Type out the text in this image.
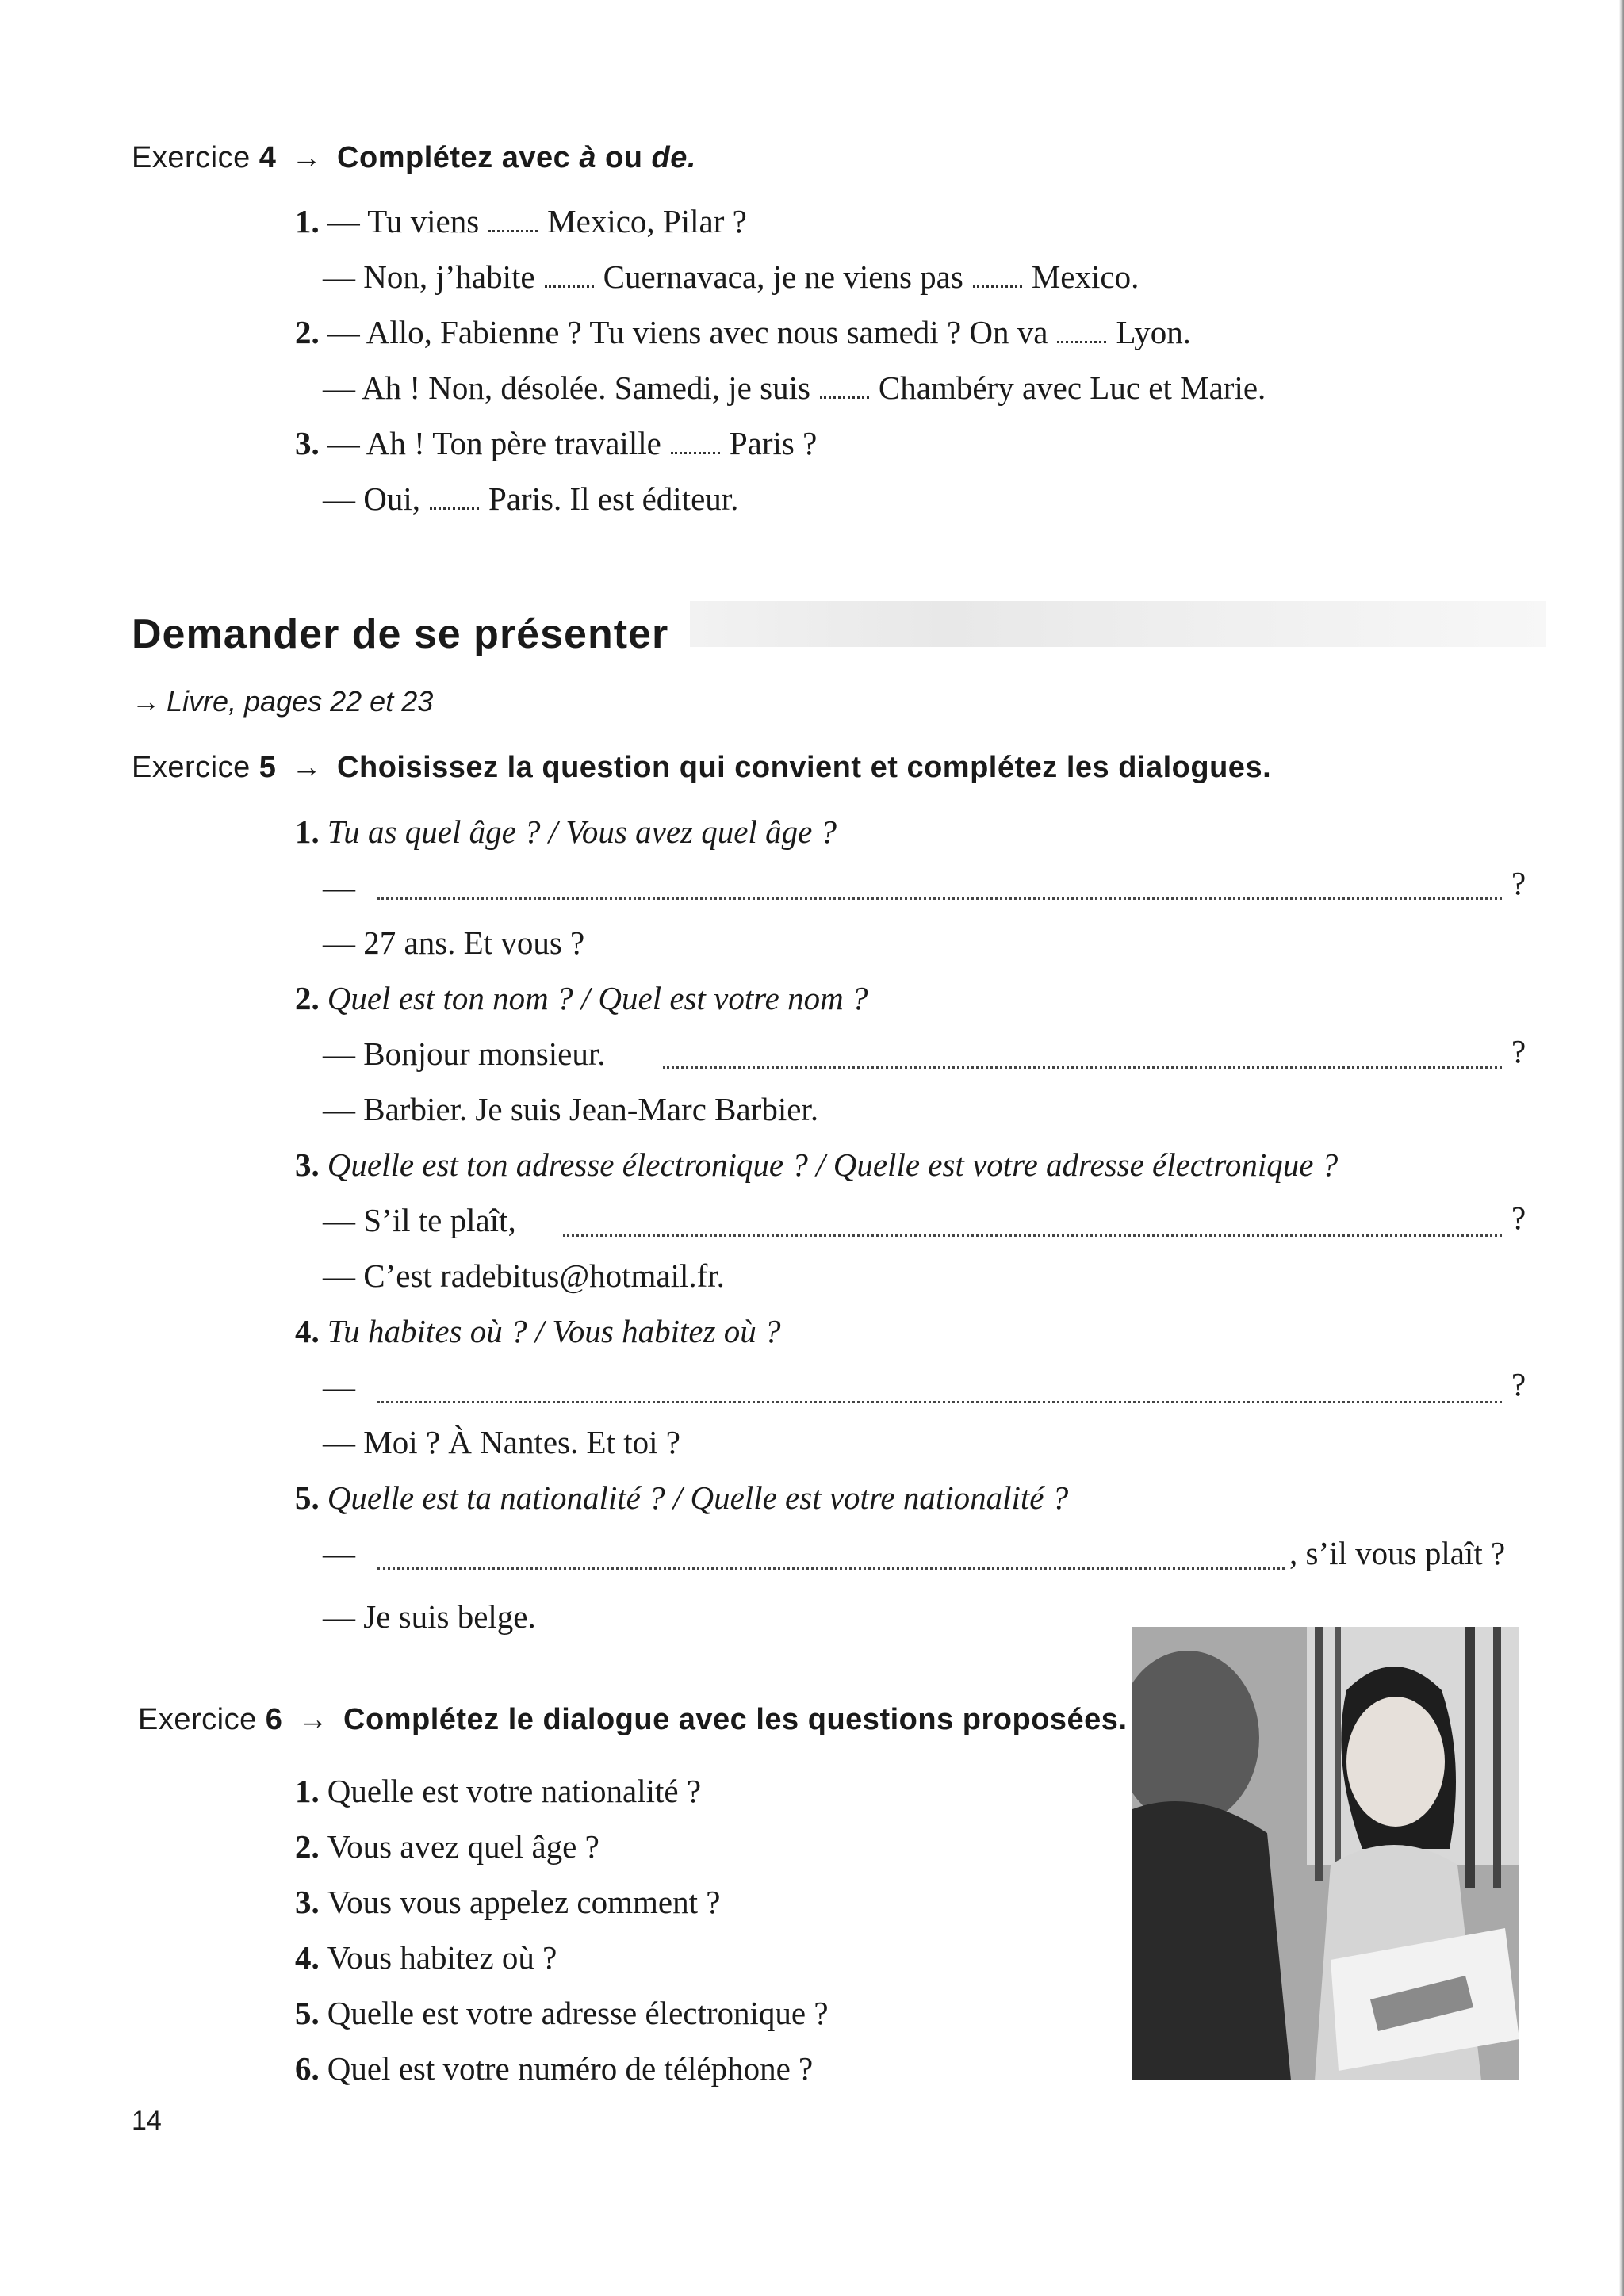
Exercice 4 → Complétez avec à ou de.
1. — Tu viens Mexico, Pilar ?
— Non, j’habite Cuernavaca, je ne viens pas Mexico.
2. — Allo, Fabienne ? Tu viens avec nous samedi ? On va Lyon.
— Ah ! Non, désolée. Samedi, je suis Chambéry avec Luc et Marie.
3. — Ah ! Ton père travaille Paris ?
— Oui, Paris. Il est éditeur.
Demander de se présenter
→ Livre, pages 22 et 23
Exercice 5 → Choisissez la question qui convient et complétez les dialogues.
1. Tu as quel âge ? / Vous avez quel âge ?
—	?
— 27 ans. Et vous ?
2. Quel est ton nom ? / Quel est votre nom ?
— Bonjour monsieur.	?
— Barbier. Je suis Jean-Marc Barbier.
3. Quelle est ton adresse électronique ? / Quelle est votre adresse électronique ?
— S’il te plaît,	?
— C’est radebitus@hotmail.fr.
4. Tu habites où ? / Vous habitez où ?
—	?
— Moi ? À Nantes. Et toi ?
5. Quelle est ta nationalité ? / Quelle est votre nationalité ?
—	, s’il vous plaît ?
— Je suis belge.
Exercice 6 → Complétez le dialogue avec les questions proposées.
1. Quelle est votre nationalité ?
2. Vous avez quel âge ?
3. Vous vous appelez comment ?
4. Vous habitez où ?
5. Quelle est votre adresse électronique ?
6. Quel est votre numéro de téléphone ?
14
